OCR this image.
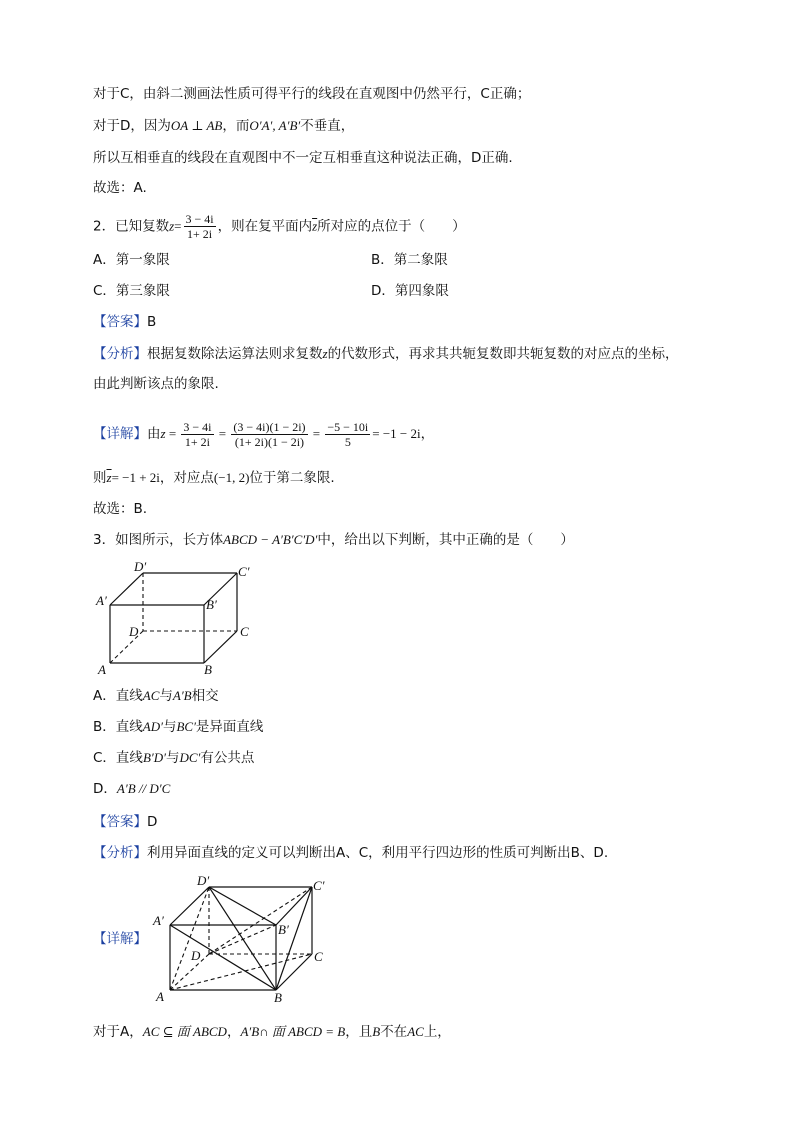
对于C，由斜二测画法性质可得平行的线段在直观图中仍然平行，C正确；
对于D，因为OA ⊥ AB，而O′A′, A′B′不垂直，
所以互相垂直的线段在直观图中不一定互相垂直这种说法正确，D正确.
故选：A.
2．已知复数$z= \frac{3 - 4i}{1+ 2i}$ ，则在复平面内$\overline{z}$所对应的点位于（　　）
A．第一象限	B．第二象限
C．第三象限	D．第四象限
【答案】B
【分析】根据复数除法运算法则求复数z的代数形式，再求其共轭复数即共轭复数的对应点的坐标，
由此判断该点的象限.
【详解】由$z = \frac{3 - 4i}{1+ 2i} = \frac{(3 - 4i)(1 - 2i)}{(1+ 2i)(1 - 2i)} = \frac{-5 - 10i}{5} = -1 - 2i$，
则$\overline{z}= -1 + 2i$，对应点(−1, 2)位于第二象限.
故选：B.
3．如图所示，长方体ABCD − A′B′C′D′中，给出以下判断，其中正确的是（　　）
D′	C′
A′	B′
D	C
A	B
A．直线AC与A′B相交
B．直线AD′与BC′是异面直线
C．直线B′D′与DC′有公共点
D．A′B // D′C
【答案】D
【分析】利用异面直线的定义可以判断出A、C，利用平行四边形的性质可判断出B、D.
【详解】
D′	C′
A′
B′
D	C
A	B
对于A，AC ⊆ 面 ABCD，A′B∩ 面 ABCD = B，且B不在AC上，
